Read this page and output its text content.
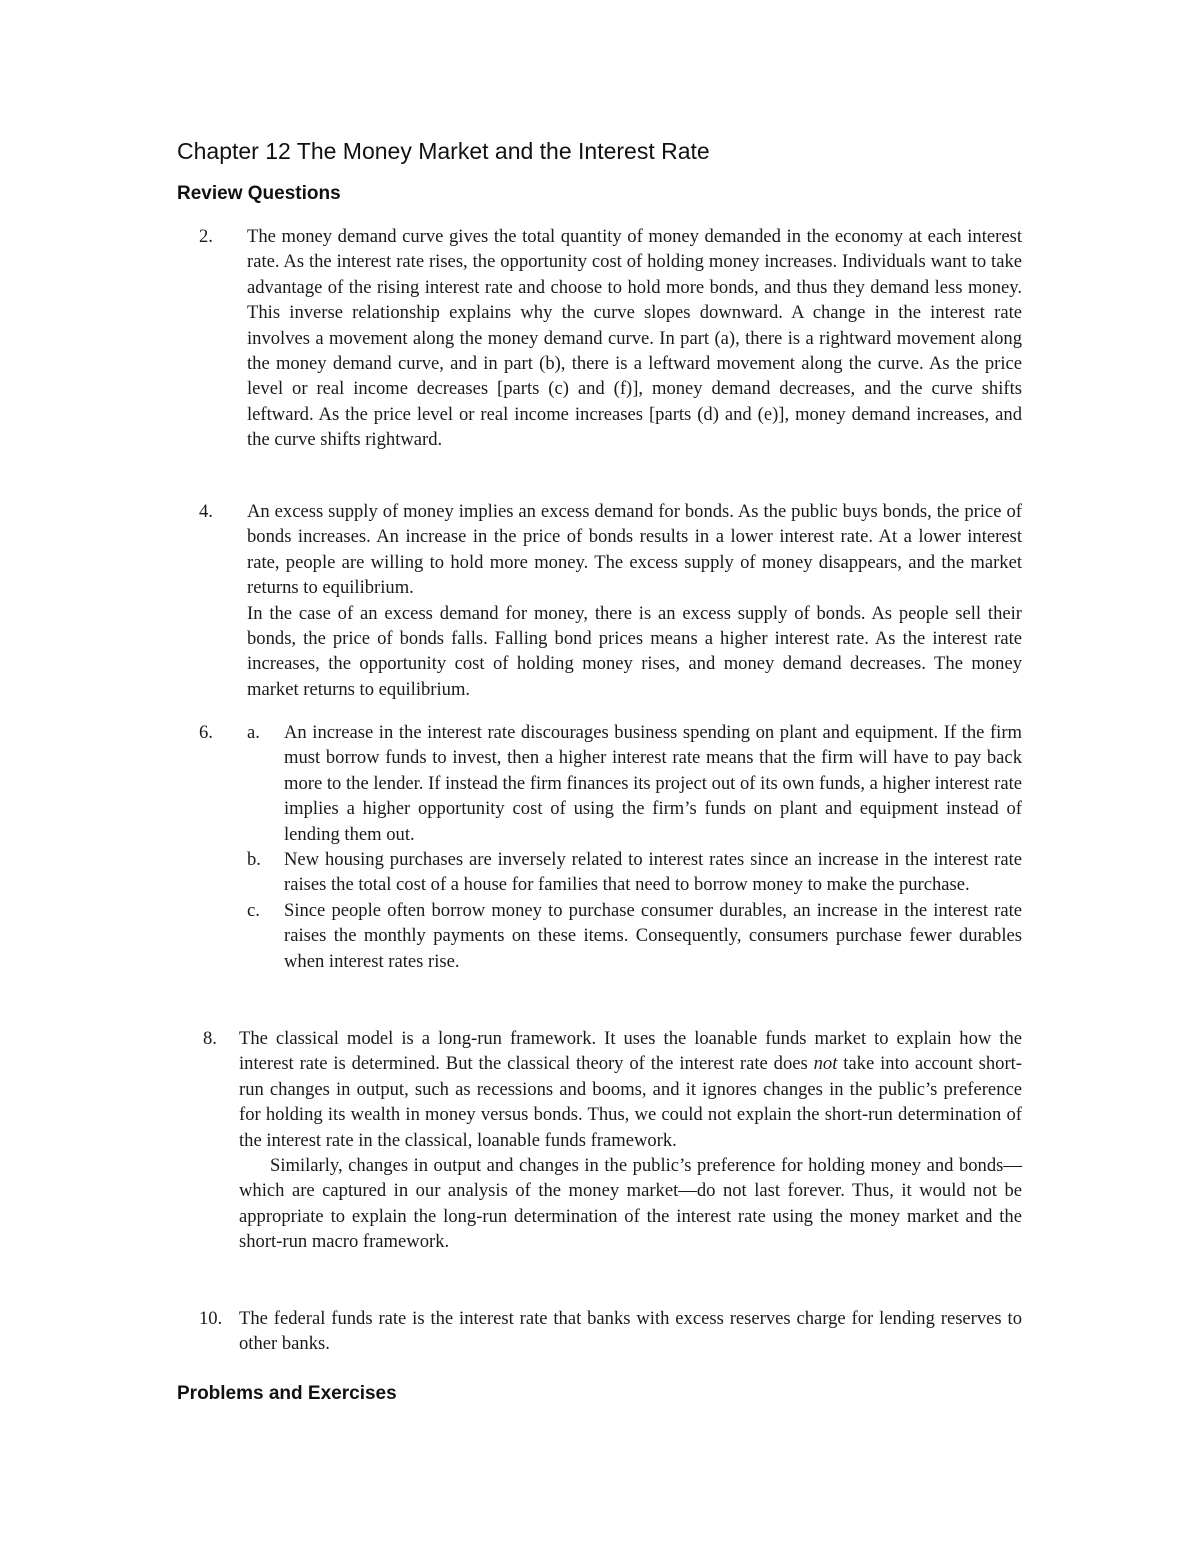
Chapter 12 The Money Market and the Interest Rate
Review Questions
2. The money demand curve gives the total quantity of money demanded in the economy at each interest rate. As the interest rate rises, the opportunity cost of holding money increases. Individuals want to take advantage of the rising interest rate and choose to hold more bonds, and thus they demand less money. This inverse relationship explains why the curve slopes downward. A change in the interest rate involves a movement along the money demand curve. In part (a), there is a rightward movement along the money demand curve, and in part (b), there is a leftward movement along the curve. As the price level or real income decreases [parts (c) and (f)], money demand decreases, and the curve shifts leftward. As the price level or real income increases [parts (d) and (e)], money demand increases, and the curve shifts rightward.

4. An excess supply of money implies an excess demand for bonds. As the public buys bonds, the price of bonds increases. An increase in the price of bonds results in a lower interest rate. At a lower interest rate, people are willing to hold more money. The excess supply of money disappears, and the market returns to equilibrium.

In the case of an excess demand for money, there is an excess supply of bonds. As people sell their bonds, the price of bonds falls. Falling bond prices means a higher interest rate. As the interest rate increases, the opportunity cost of holding money rises, and money demand decreases. The money market returns to equilibrium.

6. a. An increase in the interest rate discourages business spending on plant and equipment. If the firm must borrow funds to invest, then a higher interest rate means that the firm will have to pay back more to the lender. If instead the firm finances its project out of its own funds, a higher interest rate implies a higher opportunity cost of using the firm’s funds on plant and equipment instead of lending them out.
b. New housing purchases are inversely related to interest rates since an increase in the interest rate raises the total cost of a house for families that need to borrow money to make the purchase.
c. Since people often borrow money to purchase consumer durables, an increase in the interest rate raises the monthly payments on these items. Consequently, consumers purchase fewer durables when interest rates rise.
8. The classical model is a long-run framework. It uses the loanable funds market to explain how the interest rate is determined. But the classical theory of the interest rate does not take into account short-run changes in output, such as recessions and booms, and it ignores changes in the public’s preference for holding its wealth in money versus bonds. Thus, we could not explain the short-run determination of the interest rate in the classical, loanable funds framework.

Similarly, changes in output and changes in the public’s preference for holding money and bonds—which are captured in our analysis of the money market—do not last forever. Thus, it would not be appropriate to explain the long-run determination of the interest rate using the money market and the short-run macro framework.

10. The federal funds rate is the interest rate that banks with excess reserves charge for lending reserves to other banks.

Problems and Exercises
